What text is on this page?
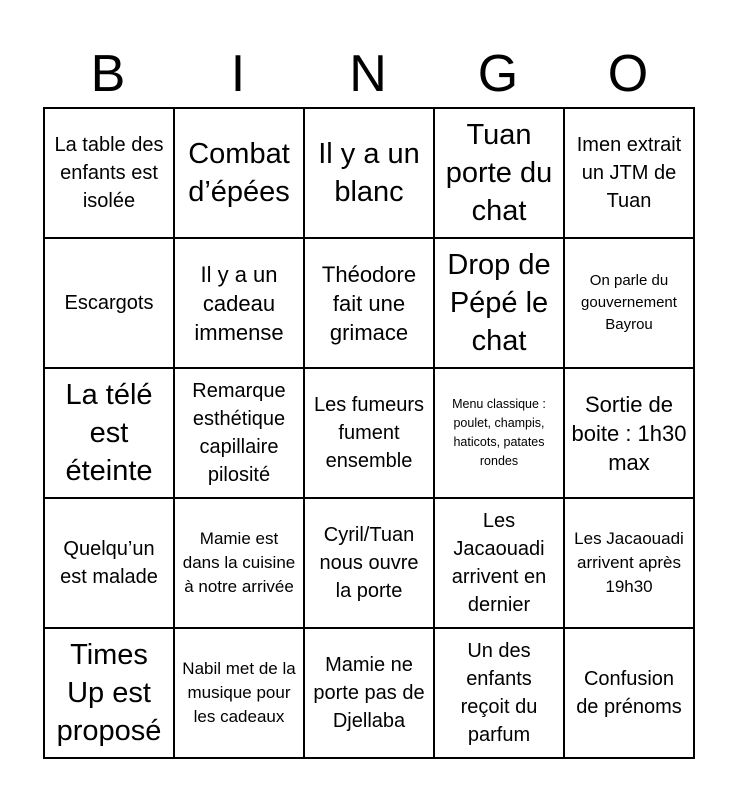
B	I	N	G	O
La table des enfants est isolée	Combat d’épées	Il y a un blanc	Tuan porte du chat	Imen extrait un JTM de Tuan

Escargots	Il y a un cadeau immense	Théodore fait une grimace	Drop de Pépé le chat	On parle du gouvernement Bayrou

La télé est éteinte	Remarque esthétique capillaire pilosité	Les fumeurs fument ensemble	Menu classique : poulet, champis, haticots, patates rondes	Sortie de boite : 1h30 max

Quelqu’un est malade	Mamie est dans la cuisine à notre arrivée	Cyril/Tuan nous ouvre la porte	Les Jacaouadi arrivent en dernier	Les Jacaouadi arrivent après 19h30

Times Up est proposé	Nabil met de la musique pour les cadeaux	Mamie ne porte pas de Djellaba	Un des enfants reçoit du parfum	Confusion de prénoms
